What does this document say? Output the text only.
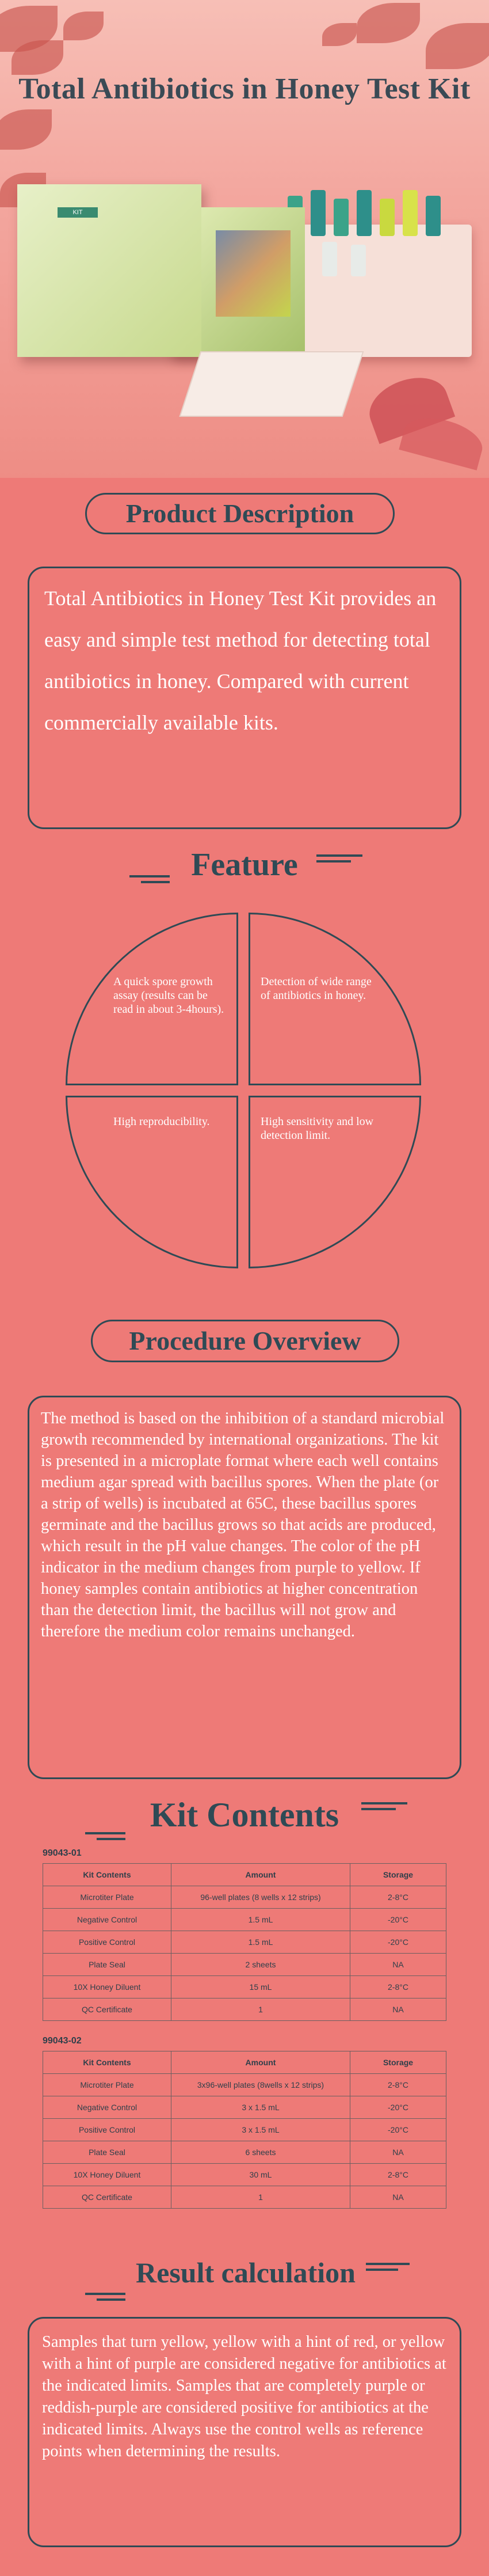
Total Antibiotics in Honey Test Kit
KIT
Product Description
Total Antibiotics in Honey Test Kit provides an easy and simple test method for detecting total antibiotics in honey. Compared with current commercially available kits.
Feature
A quick spore growth assay (results can be read in about 3-4hours).
Detection of wide range of antibiotics in honey.
High reproducibility.	High sensitivity and low detection limit.
Procedure Overview
The method is based on the inhibition of a standard microbial growth recommended by international organizations. The kit is presented in a microplate format where each well contains medium agar spread with bacillus spores. When the plate (or a strip of wells) is incubated at 65C, these bacillus spores germinate and the bacillus grows so that acids are produced, which result in the pH value changes. The color of the pH indicator in the medium changes from purple to yellow. If honey samples contain antibiotics at higher concentration than the detection limit, the bacillus will not grow and therefore the medium color remains unchanged.
Kit Contents
99043-01
Kit Contents	Amount	Storage
Microtiter Plate	96-well plates (8 wells x 12 strips)	2-8°C
Negative Control	1.5 mL	-20°C
Positive Control	1.5 mL	-20°C
Plate Seal	2 sheets	NA
10X Honey Diluent	15 mL	2-8°C
QC Certificate	1	NA
99043-02
Kit Contents	Amount	Storage
Microtiter Plate	3x96-well plates (8wells x 12 strips)	2-8°C
Negative Control	3 x 1.5 mL	-20°C
Positive Control	3 x 1.5 mL	-20°C
Plate Seal	6 sheets	NA
10X Honey Diluent	30 mL	2-8°C
QC Certificate	1	NA
Result calculation
Samples that turn yellow, yellow with a hint of red, or yellow with a hint of purple are considered negative for antibiotics at the indicated limits. Samples that are completely purple or reddish-purple are considered positive for antibiotics at the indicated limits. Always use the control wells as reference points when determining the results.
